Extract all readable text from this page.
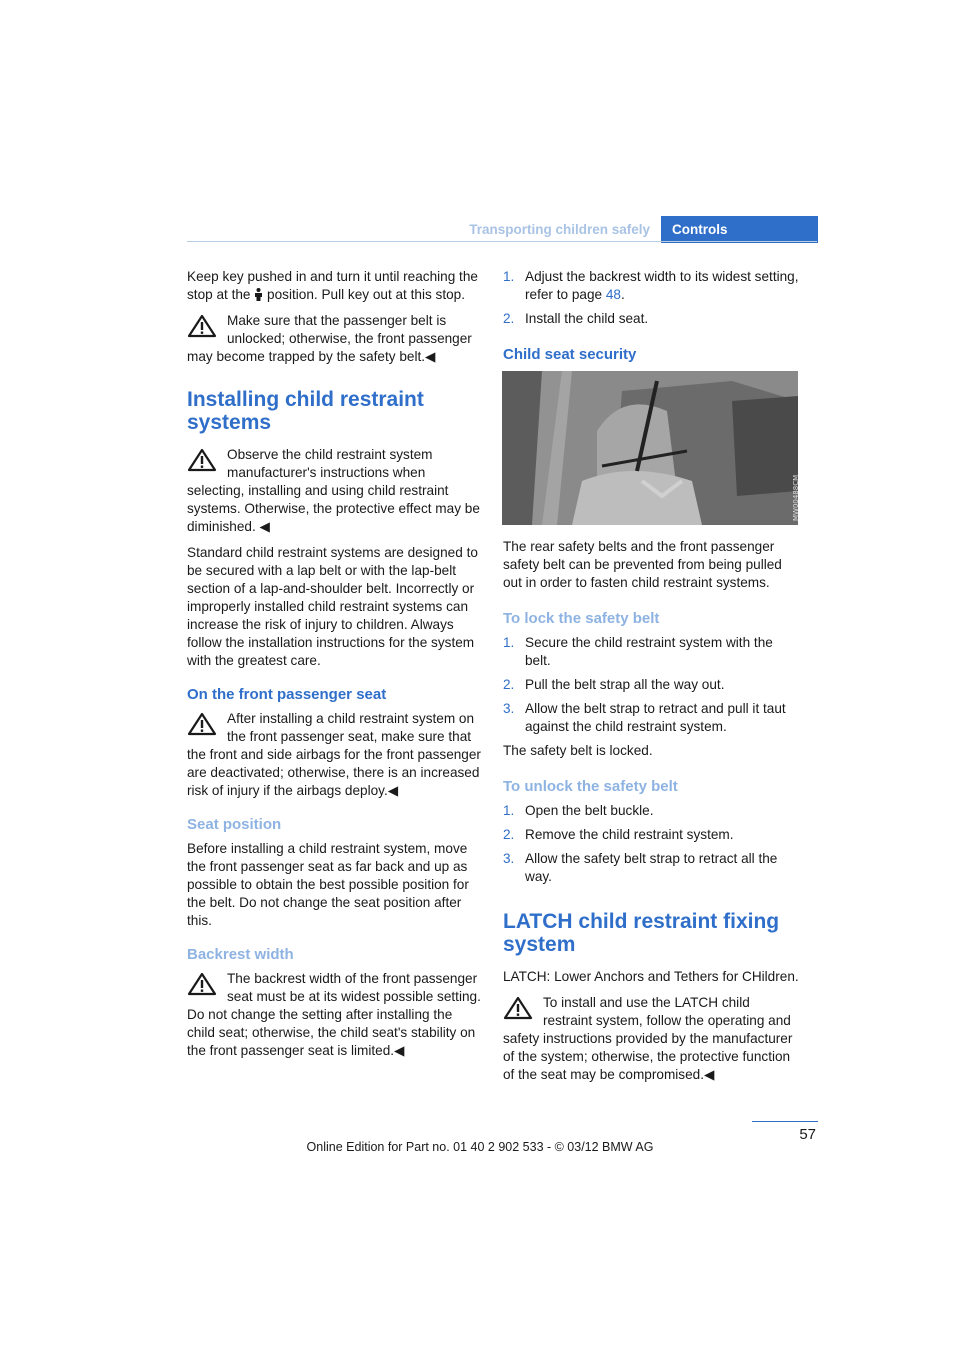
Transporting children safely	Controls

Keep key pushed in and turn it until reaching the stop at the  position. Pull key out at this stop.

Make sure that the passenger belt is unlocked; otherwise, the front passenger may become trapped by the safety belt.◀
Installing child restraint systems
Observe the child restraint system manufacturer's instructions when selecting, installing and using child restraint systems. Otherwise, the protective effect may be diminished. ◀

Standard child restraint systems are designed to be secured with a lap belt or with the lap-belt section of a lap-and-shoulder belt. Incorrectly or improperly installed child restraint systems can increase the risk of injury to children. Always follow the installation instructions for the system with the greatest care.

On the front passenger seat
After installing a child restraint system on the front passenger seat, make sure that the front and side airbags for the front passenger are deactivated; otherwise, there is an increased risk of injury if the airbags deploy.◀
Seat position

Before installing a child restraint system, move the front passenger seat as far back and up as possible to obtain the best possible position for the belt. Do not change the seat position after this.

Backrest width
The backrest width of the front passenger seat must be at its widest possible setting. Do not change the setting after installing the child seat; otherwise, the child seat's stability on the front passenger seat is limited.◀
1. Adjust the backrest width to its widest setting, refer to page 48.
2. Install the child seat.
Child seat security
MW00488CM

The rear safety belts and the front passenger safety belt can be prevented from being pulled out in order to fasten child restraint systems.

To lock the safety belt
1. Secure the child restraint system with the belt.
2. Pull the belt strap all the way out.
3. Allow the belt strap to retract and pull it taut against the child restraint system.

The safety belt is locked.

To unlock the safety belt
1. Open the belt buckle.
2. Remove the child restraint system.
3. Allow the safety belt strap to retract all the way.
LATCH child restraint fixing system

LATCH: Lower Anchors and Tethers for CHildren.

To install and use the LATCH child restraint system, follow the operating and safety instructions provided by the manufacturer of the system; otherwise, the protective function of the seat may be compromised.◀
57
Online Edition for Part no. 01 40 2 902 533 - © 03/12 BMW AG
